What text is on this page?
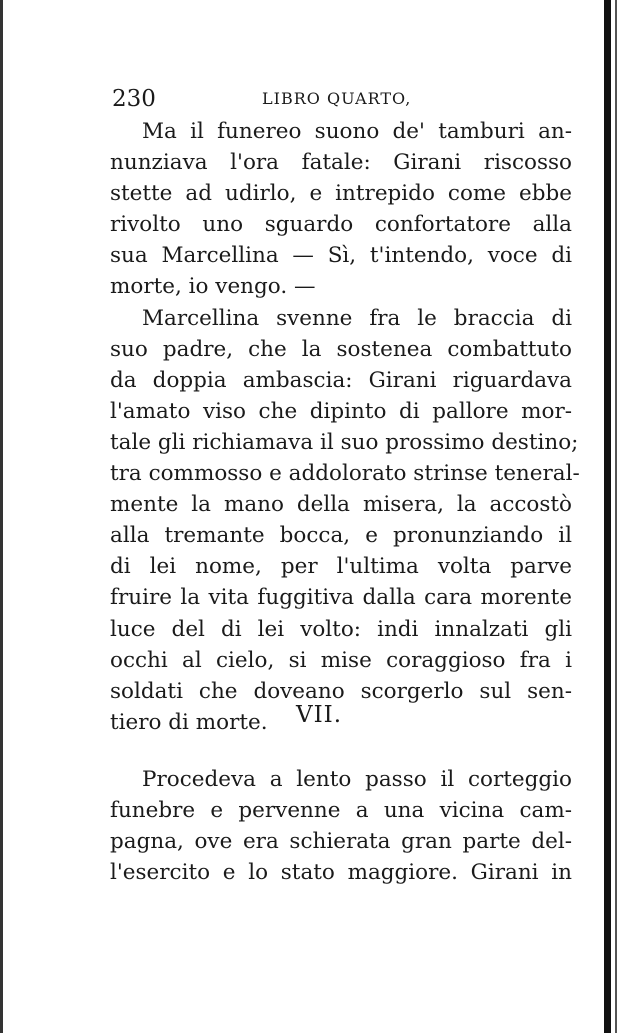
230	LIBRO QUARTO,
Ma il funereo suono de' tamburi an-
nunziava l'ora fatale: Girani riscosso
stette ad udirlo, e intrepido come ebbe
rivolto uno sguardo confortatore alla
sua Marcellina — Sì, t'intendo, voce di
morte, io vengo. —
Marcellina svenne fra le braccia di
suo padre, che la sostenea combattuto
da doppia ambascia: Girani riguardava
l'amato viso che dipinto di pallore mor-
tale gli richiamava il suo prossimo destino;
tra commosso e addolorato strinse teneral-
mente la mano della misera, la accostò
alla tremante bocca, e pronunziando il
di lei nome, per l'ultima volta parve
fruire la vita fuggitiva dalla cara morente
luce del di lei volto: indi innalzati gli
occhi al cielo, si mise coraggioso fra i
soldati che doveano scorgerlo sul sen-
tiero di morte.	VII.
Procedeva a lento passo il corteggio
funebre e pervenne a una vicina cam-
pagna, ove era schierata gran parte del-
l'esercito e lo stato maggiore. Girani in
